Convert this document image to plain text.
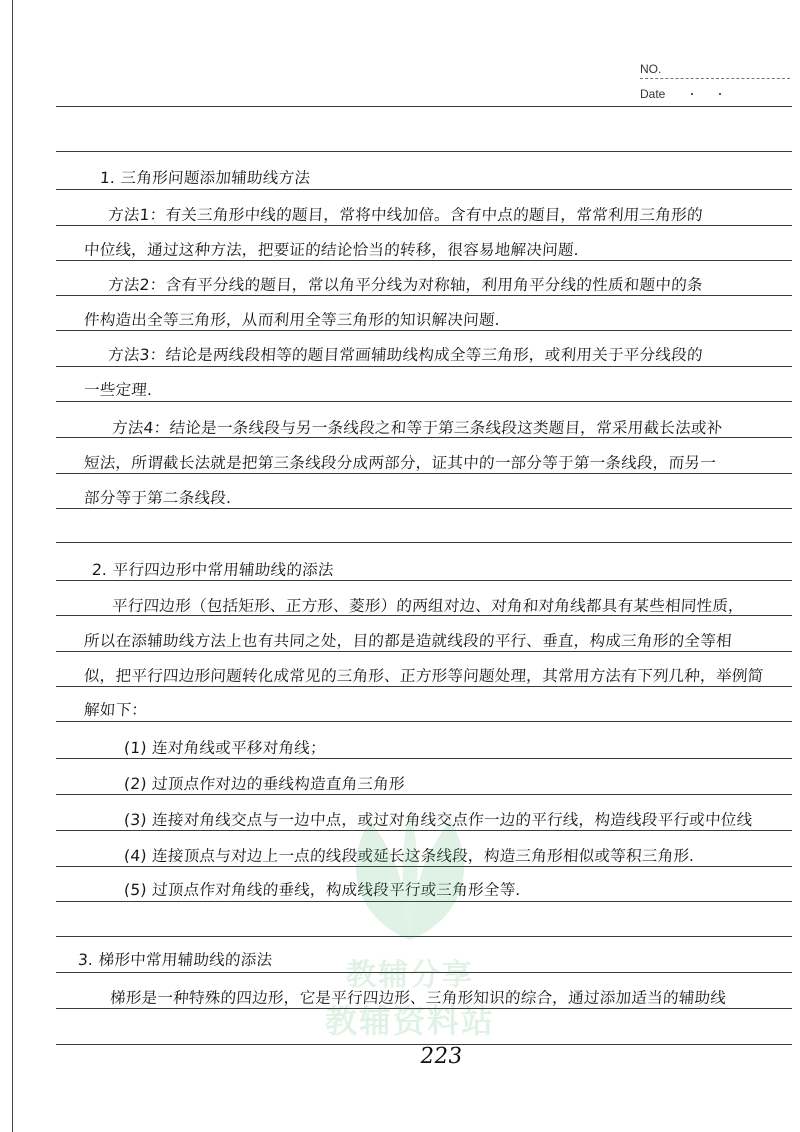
NO.
Date
1. 三角形问题添加辅助线方法
方法1：有关三角形中线的题目，常将中线加倍。含有中点的题目，常常利用三角形的
中位线，通过这种方法，把要证的结论恰当的转移，很容易地解决问题.
方法2：含有平分线的题目，常以角平分线为对称轴，利用角平分线的性质和题中的条
件构造出全等三角形，从而利用全等三角形的知识解决问题.
方法3：结论是两线段相等的题目常画辅助线构成全等三角形，或利用关于平分线段的
一些定理.
方法4：结论是一条线段与另一条线段之和等于第三条线段这类题目，常采用截长法或补
短法，所谓截长法就是把第三条线段分成两部分，证其中的一部分等于第一条线段，而另一
部分等于第二条线段.
2. 平行四边形中常用辅助线的添法
平行四边形（包括矩形、正方形、菱形）的两组对边、对角和对角线都具有某些相同性质，
所以在添辅助线方法上也有共同之处，目的都是造就线段的平行、垂直，构成三角形的全等相
似，把平行四边形问题转化成常见的三角形、正方形等问题处理，其常用方法有下列几种，举例简
解如下：
(1) 连对角线或平移对角线；
(2) 过顶点作对边的垂线构造直角三角形
(3) 连接对角线交点与一边中点，或过对角线交点作一边的平行线，构造线段平行或中位线
(4) 连接顶点与对边上一点的线段或延长这条线段，构造三角形相似或等积三角形.
(5) 过顶点作对角线的垂线，构成线段平行或三角形全等.
3. 梯形中常用辅助线的添法
梯形是一种特殊的四边形，它是平行四边形、三角形知识的综合，通过添加适当的辅助线
教辅分享
教辅资料站
223
